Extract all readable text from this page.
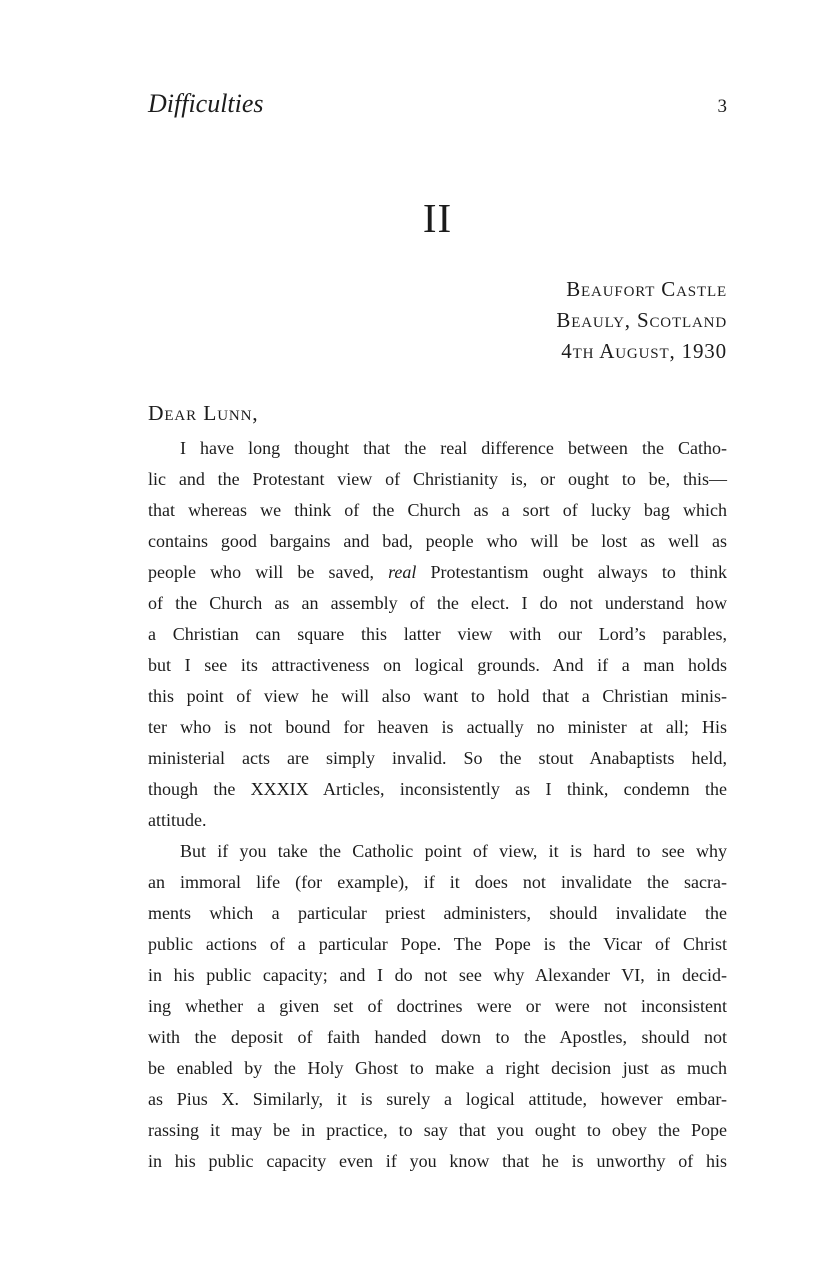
Difficulties	3
II
Beaufort Castle
Beauly, Scotland
4th August, 1930
Dear Lunn,
I have long thought that the real difference between the Catho-
lic and the Protestant view of Christianity is, or ought to be, this—
that whereas we think of the Church as a sort of lucky bag which
contains good bargains and bad, people who will be lost as well as
people who will be saved, real Protestantism ought always to think
of the Church as an assembly of the elect. I do not understand how
a Christian can square this latter view with our Lord’s parables,
but I see its attractiveness on logical grounds. And if a man holds
this point of view he will also want to hold that a Christian minis-
ter who is not bound for heaven is actually no minister at all; His
ministerial acts are simply invalid. So the stout Anabaptists held,
though the XXXIX Articles, inconsistently as I think, condemn the
attitude.
But if you take the Catholic point of view, it is hard to see why
an immoral life (for example), if it does not invalidate the sacra-
ments which a particular priest administers, should invalidate the
public actions of a particular Pope. The Pope is the Vicar of Christ
in his public capacity; and I do not see why Alexander VI, in decid-
ing whether a given set of doctrines were or were not inconsistent
with the deposit of faith handed down to the Apostles, should not
be enabled by the Holy Ghost to make a right decision just as much
as Pius X. Similarly, it is surely a logical attitude, however embar-
rassing it may be in practice, to say that you ought to obey the Pope
in his public capacity even if you know that he is unworthy of his
